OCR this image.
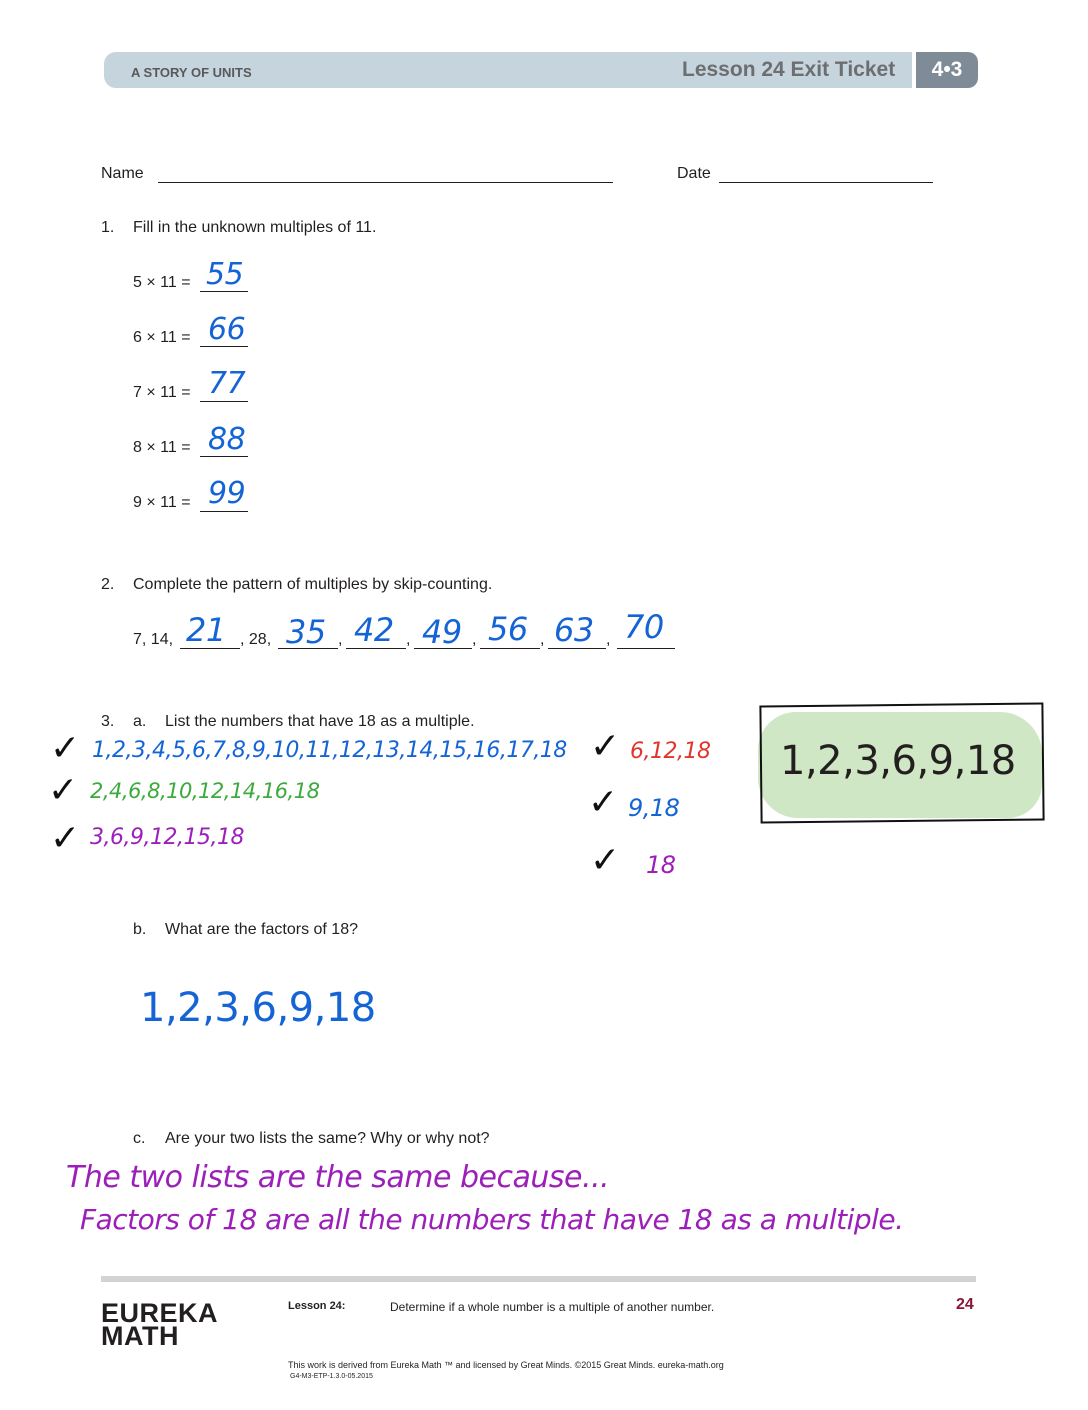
A STORY OF UNITS	Lesson 24 Exit Ticket	4•3
Name	Date
1. Fill in the unknown multiples of 11.
5 × 11 = 55
6 × 11 = 66
7 × 11 = 77
8 × 11 = 88
9 × 11 = 99
2. Complete the pattern of multiples by skip-counting.
7, 14,	, 28,	,	,	,	,	,
21 35 42 49 56 63 70
3. a. List the numbers that have 18 as a multiple.
✓ 1,2,3,4,5,6,7,8,9,10,11,12,13,14,15,16,17,18
✓ 2,4,6,8,10,12,14,16,18
✓ 3,6,9,12,15,18
✓ 6,12,18
✓ 9,18
✓ 18
1,2,3,6,9,18
b. What are the factors of 18?
1,2,3,6,9,18
c. Are your two lists the same? Why or why not?
The two lists are the same because...
Factors of 18 are all the numbers that have 18 as a multiple.
EUREKA
MATH
Lesson 24:	Determine if a whole number is a multiple of another number.	24
This work is derived from Eureka Math ™ and licensed by Great Minds. ©2015 Great Minds. eureka-math.org
G4-M3-ETP-1.3.0-05.2015
